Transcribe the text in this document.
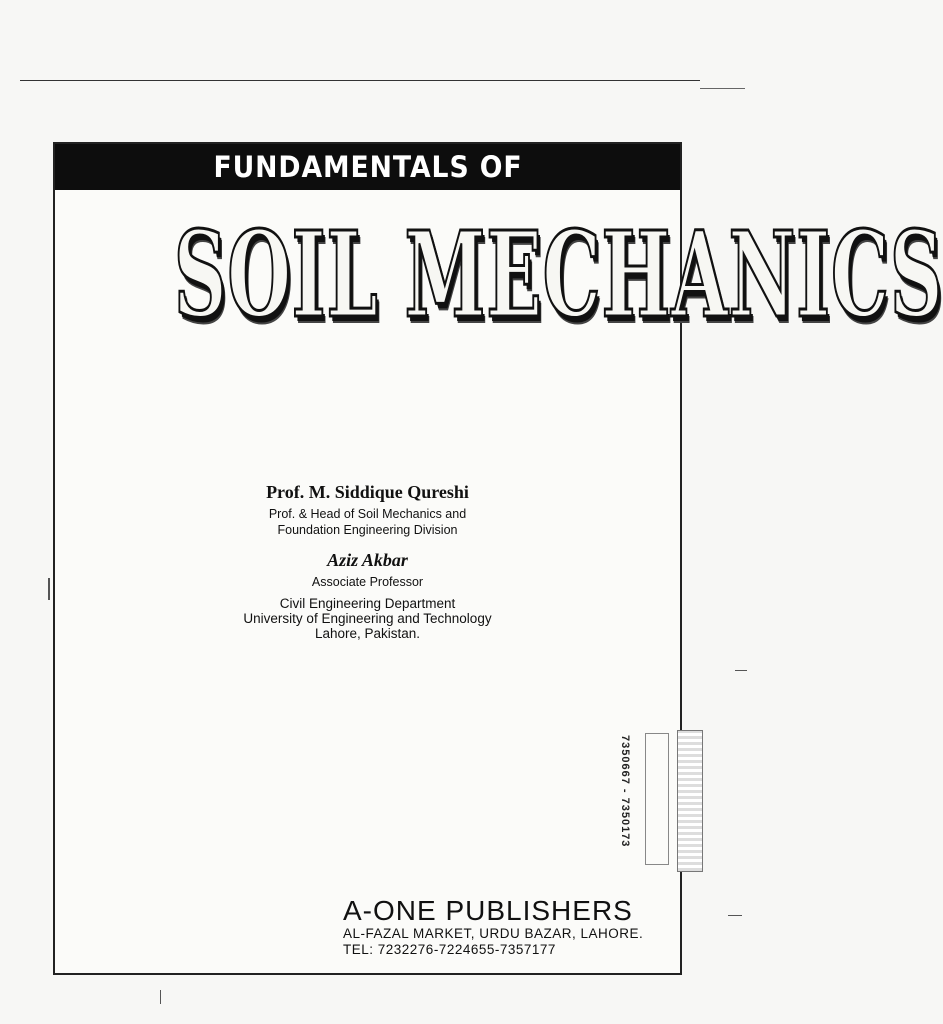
FUNDAMENTALS OF
SOIL MECHANICS
Prof. M. Siddique Qureshi
Prof. & Head of Soil Mechanics and
Foundation Engineering Division
Aziz Akbar
Associate Professor
Civil Engineering Department
University of Engineering and Technology
Lahore, Pakistan.
A-ONE PUBLISHERS
AL-FAZAL MARKET, URDU BAZAR, LAHORE.
TEL: 7232276-7224655-7357177
7350667 - 7350173
